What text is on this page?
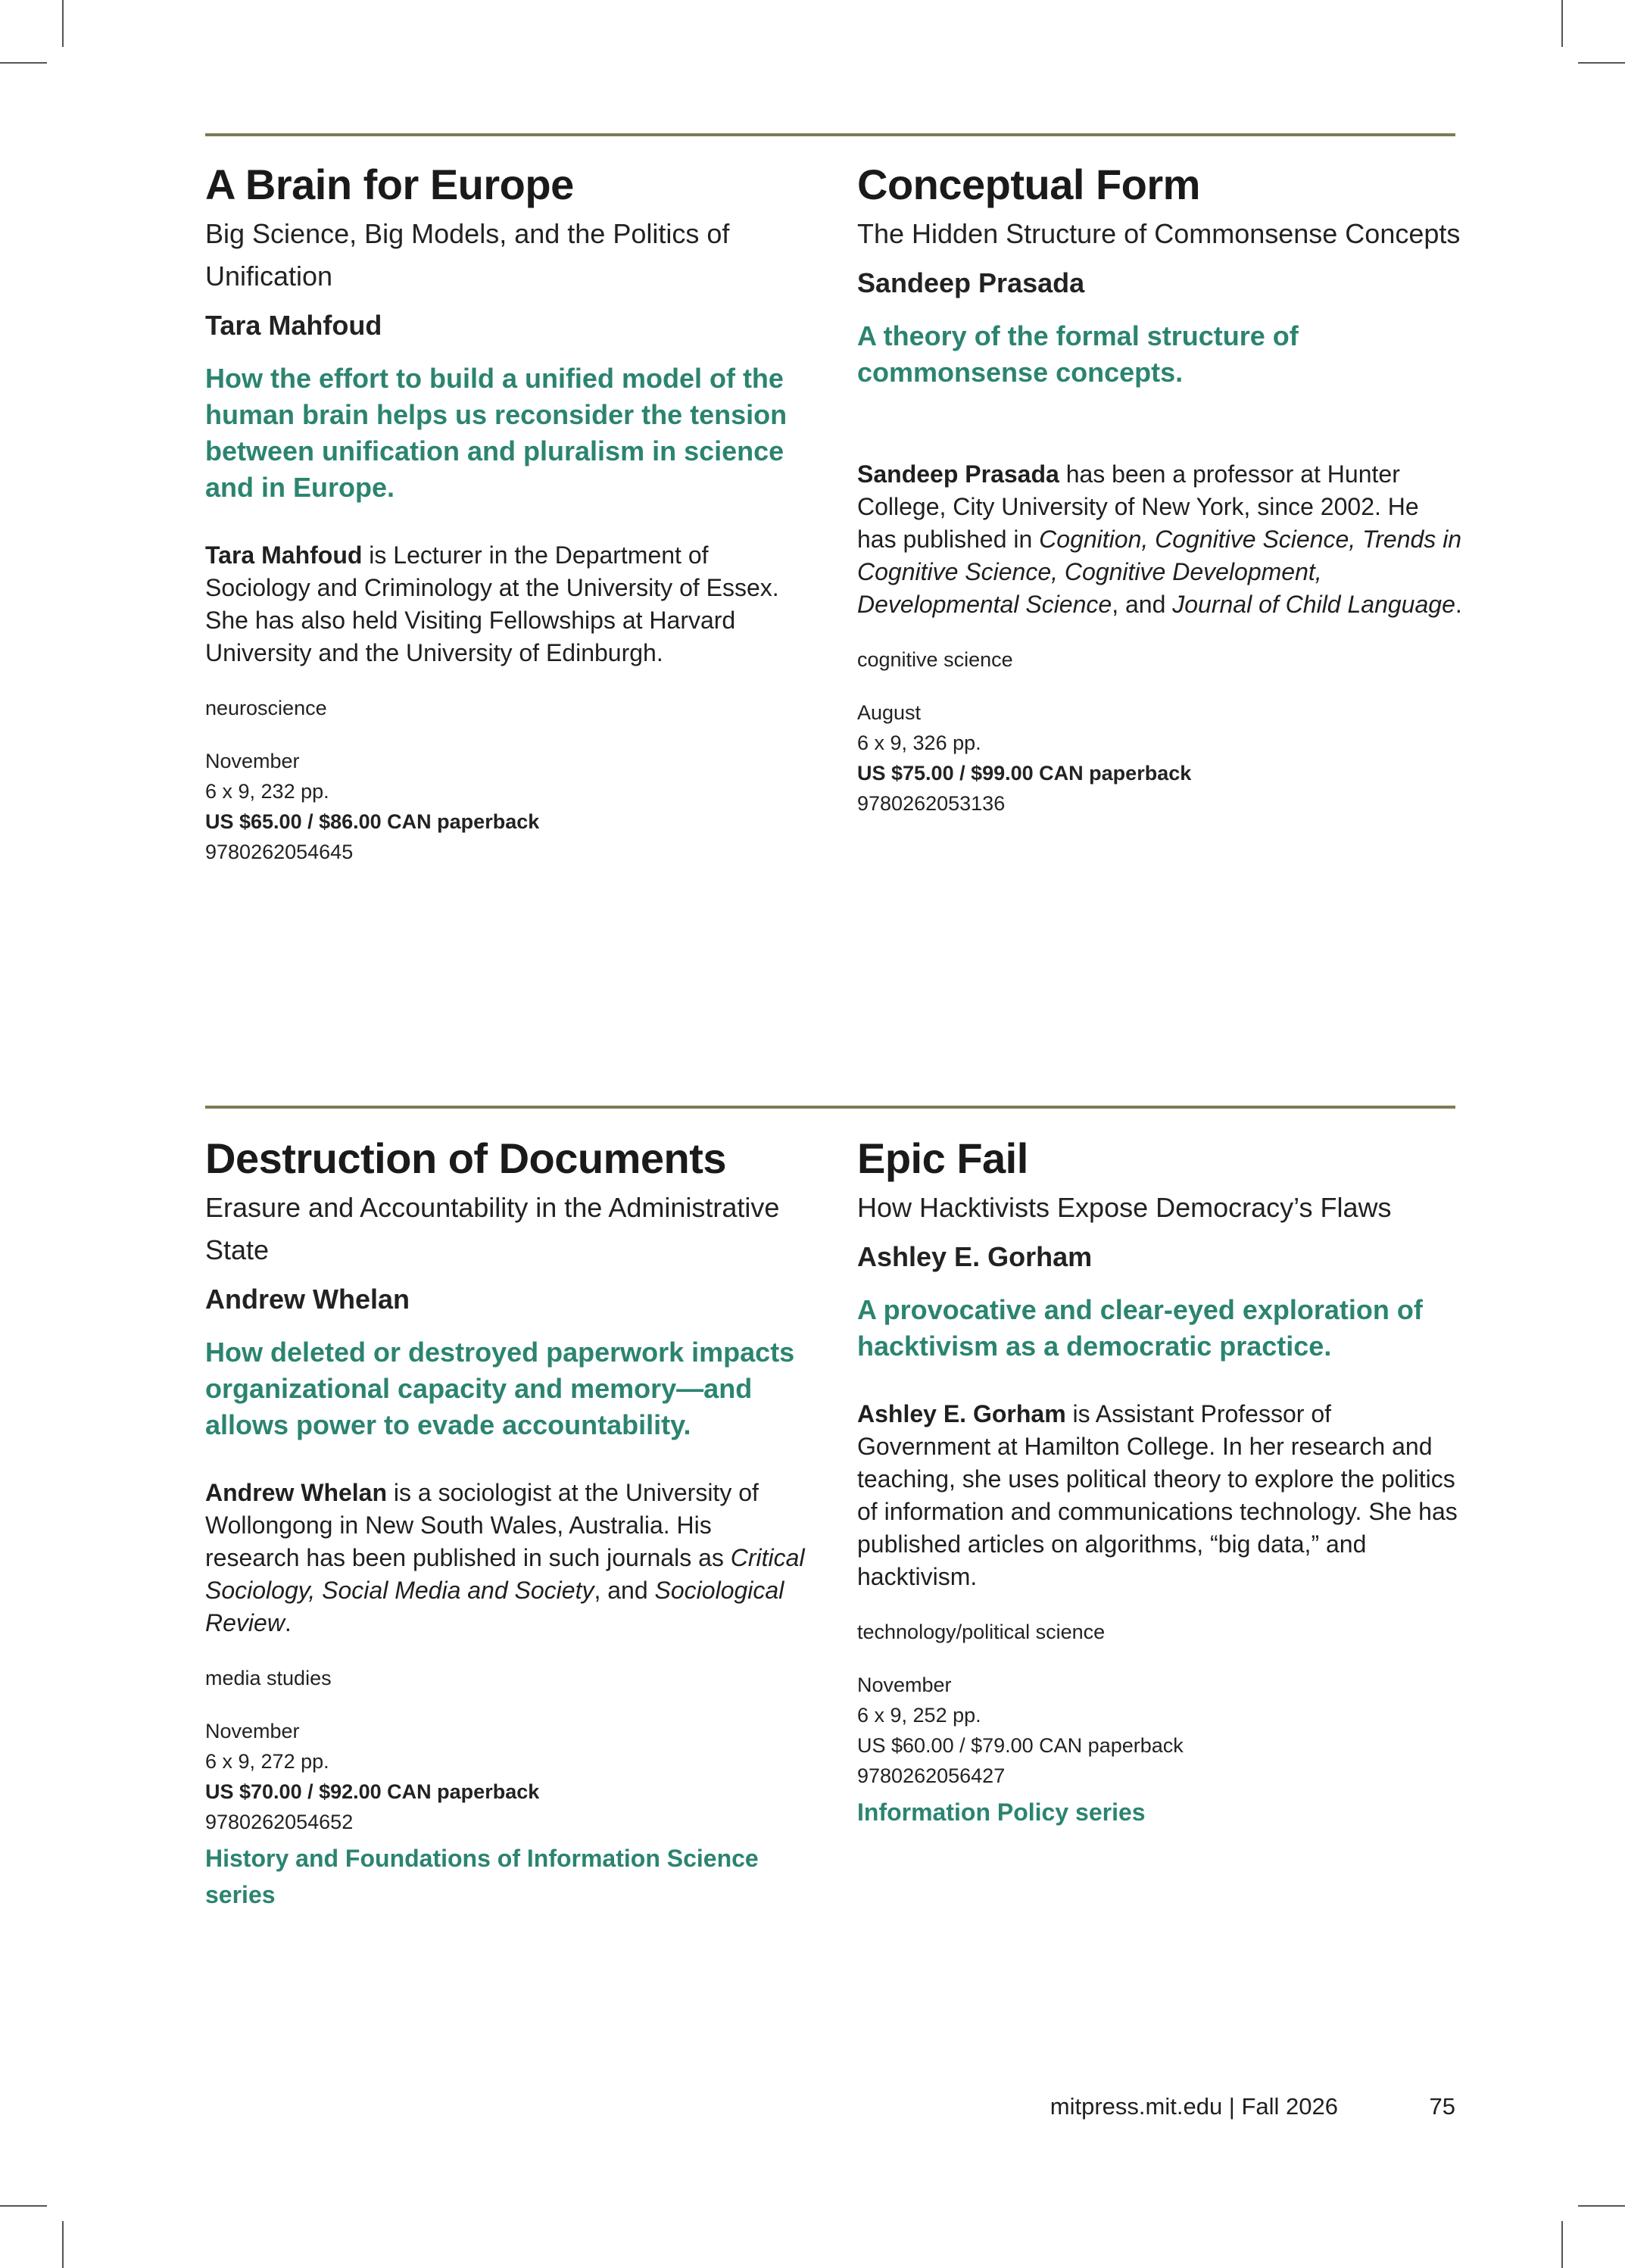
A Brain for Europe

Big Science, Big Models, and the Politics of Unification

Tara Mahfoud

How the effort to build a unified model of the human brain helps us reconsider the tension between unification and pluralism in science and in Europe.

Tara Mahfoud is Lecturer in the Department of Sociology and Criminology at the University of Essex. She has also held Visiting Fellowships at Harvard University and the University of Edinburgh.

neuroscience

November
6 x 9, 232 pp.
US $65.00 / $86.00 CAN paperback
9780262054645
Conceptual Form

The Hidden Structure of Commonsense Concepts

Sandeep Prasada

A theory of the formal structure of commonsense concepts.

Sandeep Prasada has been a professor at Hunter College, City University of New York, since 2002. He has published in Cognition, Cognitive Science, Trends in Cognitive Science, Cognitive Development, Developmental Science, and Journal of Child Language.

cognitive science

August
6 x 9, 326 pp.
US $75.00 / $99.00 CAN paperback
9780262053136
Destruction of Documents

Erasure and Accountability in the Administrative State

Andrew Whelan

How deleted or destroyed paperwork impacts organizational capacity and memory—and allows power to evade accountability.

Andrew Whelan is a sociologist at the University of Wollongong in New South Wales, Australia. His research has been published in such journals as Critical Sociology, Social Media and Society, and Sociological Review.

media studies

November
6 x 9, 272 pp.
US $70.00 / $92.00 CAN paperback
9780262054652

History and Foundations of Information Science series

Epic Fail

How Hacktivists Expose Democracy’s Flaws

Ashley E. Gorham

A provocative and clear-eyed exploration of hacktivism as a democratic practice.

Ashley E. Gorham is Assistant Professor of Government at Hamilton College. In her research and teaching, she uses political theory to explore the politics of information and communications technology. She has published articles on algorithms, “big data,” and hacktivism.

technology/political science

November
6 x 9, 252 pp.
US $60.00 / $79.00 CAN paperback
9780262056427

Information Policy series

mitpress.mit.edu | Fall 2026	75
